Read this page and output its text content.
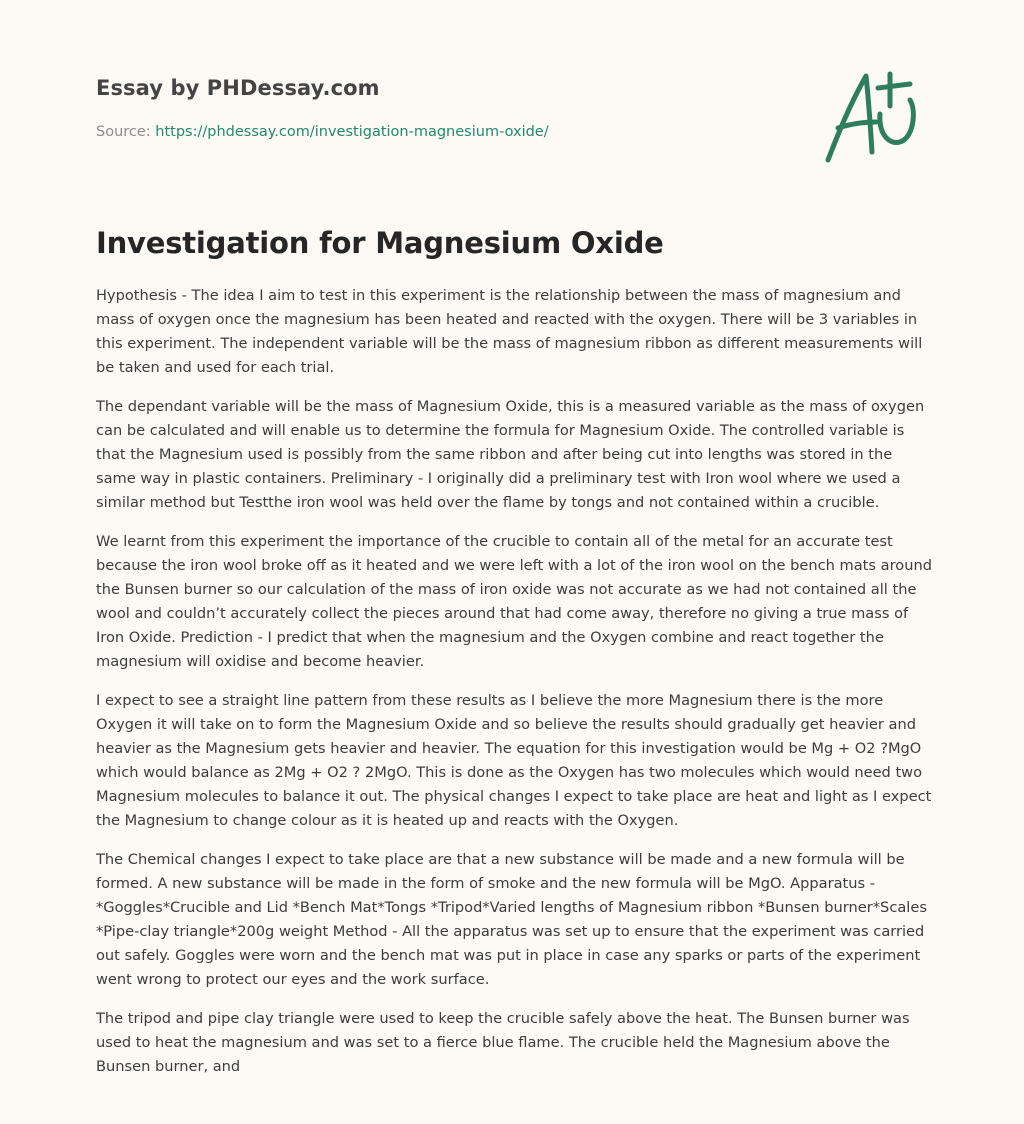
Essay by PHDessay.com
Source: https://phdessay.com/investigation-magnesium-oxide/
Investigation for Magnesium Oxide

Hypothesis - The idea I aim to test in this experiment is the relationship between the mass of magnesium and mass of oxygen once the magnesium has been heated and reacted with the oxygen. There will be 3 variables in this experiment. The independent variable will be the mass of magnesium ribbon as different measurements will be taken and used for each trial.

The dependant variable will be the mass of Magnesium Oxide, this is a measured variable as the mass of oxygen can be calculated and will enable us to determine the formula for Magnesium Oxide. The controlled variable is that the Magnesium used is possibly from the same ribbon and after being cut into lengths was stored in the same way in plastic containers. Preliminary - I originally did a preliminary test with Iron wool where we used a similar method but Testthe iron wool was held over the flame by tongs and not contained within a crucible.

We learnt from this experiment the importance of the crucible to contain all of the metal for an accurate test because the iron wool broke off as it heated and we were left with a lot of the iron wool on the bench mats around the Bunsen burner so our calculation of the mass of iron oxide was not accurate as we had not contained all the wool and couldn’t accurately collect the pieces around that had come away, therefore no giving a true mass of Iron Oxide. Prediction - I predict that when the magnesium and the Oxygen combine and react together the magnesium will oxidise and become heavier.

I expect to see a straight line pattern from these results as I believe the more Magnesium there is the more Oxygen it will take on to form the Magnesium Oxide and so believe the results should gradually get heavier and heavier as the Magnesium gets heavier and heavier. The equation for this investigation would be Mg + O2 ?MgO which would balance as 2Mg + O2 ? 2MgO. This is done as the Oxygen has two molecules which would need two Magnesium molecules to balance it out. The physical changes I expect to take place are heat and light as I expect the Magnesium to change colour as it is heated up and reacts with the Oxygen.

The Chemical changes I expect to take place are that a new substance will be made and a new formula will be formed. A new substance will be made in the form of smoke and the new formula will be MgO. Apparatus - *Goggles*Crucible and Lid *Bench Mat*Tongs *Tripod*Varied lengths of Magnesium ribbon *Bunsen burner*Scales *Pipe-clay triangle*200g weight Method - All the apparatus was set up to ensure that the experiment was carried out safely. Goggles were worn and the bench mat was put in place in case any sparks or parts of the experiment went wrong to protect our eyes and the work surface.

The tripod and pipe clay triangle were used to keep the crucible safely above the heat. The Bunsen burner was used to heat the magnesium and was set to a fierce blue flame. The crucible held the Magnesium above the Bunsen burner, and
